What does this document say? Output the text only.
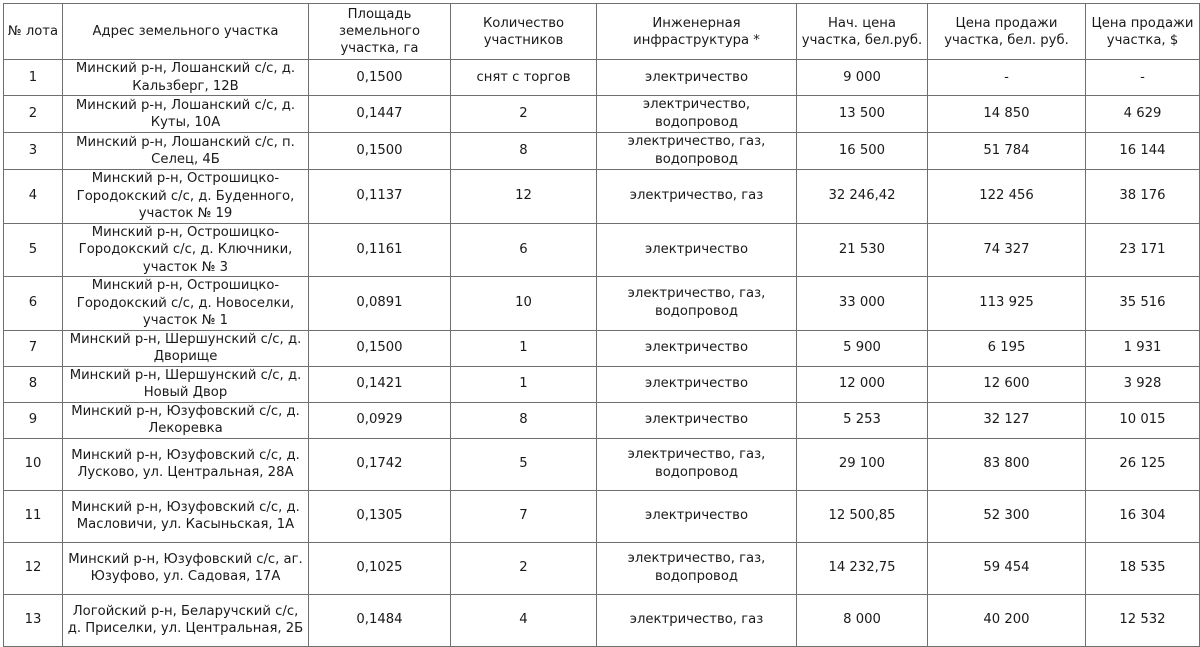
№ лота	Адрес земельного участка	Площадь земельного участка, га	Количество участников	Инженерная инфраструктура *	Нач. цена участка, бел.руб.	Цена продажи участка, бел. руб.	Цена продажи участка, $
1	Минский р-н, Лошанский с/с, д. Кальзберг, 12В	0,1500	снят с торгов	электричество	9 000	-	-
2	Минский р-н, Лошанский с/с, д. Куты, 10А	0,1447	2	электричество, водопровод	13 500	14 850	4 629
3	Минский р-н, Лошанский с/с, п. Селец, 4Б	0,1500	8	электричество, газ, водопровод	16 500	51 784	16 144
4	Минский р-н, Острошицко-Городокский с/с, д. Буденного, участок № 19	0,1137	12	электричество, газ	32 246,42	122 456	38 176
5	Минский р-н, Острошицко-Городокский с/с, д. Ключники, участок № 3	0,1161	6	электричество	21 530	74 327	23 171
6	Минский р-н, Острошицко-Городокский с/с, д. Новоселки, участок № 1	0,0891	10	электричество, газ, водопровод	33 000	113 925	35 516
7	Минский р-н, Шершунский с/с, д. Дворище	0,1500	1	электричество	5 900	6 195	1 931
8	Минский р-н, Шершунский с/с, д. Новый Двор	0,1421	1	электричество	12 000	12 600	3 928
9	Минский р-н, Юзуфовский с/с, д. Лекоревка	0,0929	8	электричество	5 253	32 127	10 015
10	Минский р-н, Юзуфовский с/с, д. Лусково, ул. Центральная, 28А	0,1742	5	электричество, газ, водопровод	29 100	83 800	26 125
11	Минский р-н, Юзуфовский с/с, д. Масловичи, ул. Касыньская, 1А	0,1305	7	электричество	12 500,85	52 300	16 304
12	Минский р-н, Юзуфовский с/с, аг. Юзуфово, ул. Садовая, 17А	0,1025	2	электричество, газ, водопровод	14 232,75	59 454	18 535
13	Логойский р-н, Беларучский с/с, д. Приселки, ул. Центральная, 2Б	0,1484	4	электричество, газ	8 000	40 200	12 532
